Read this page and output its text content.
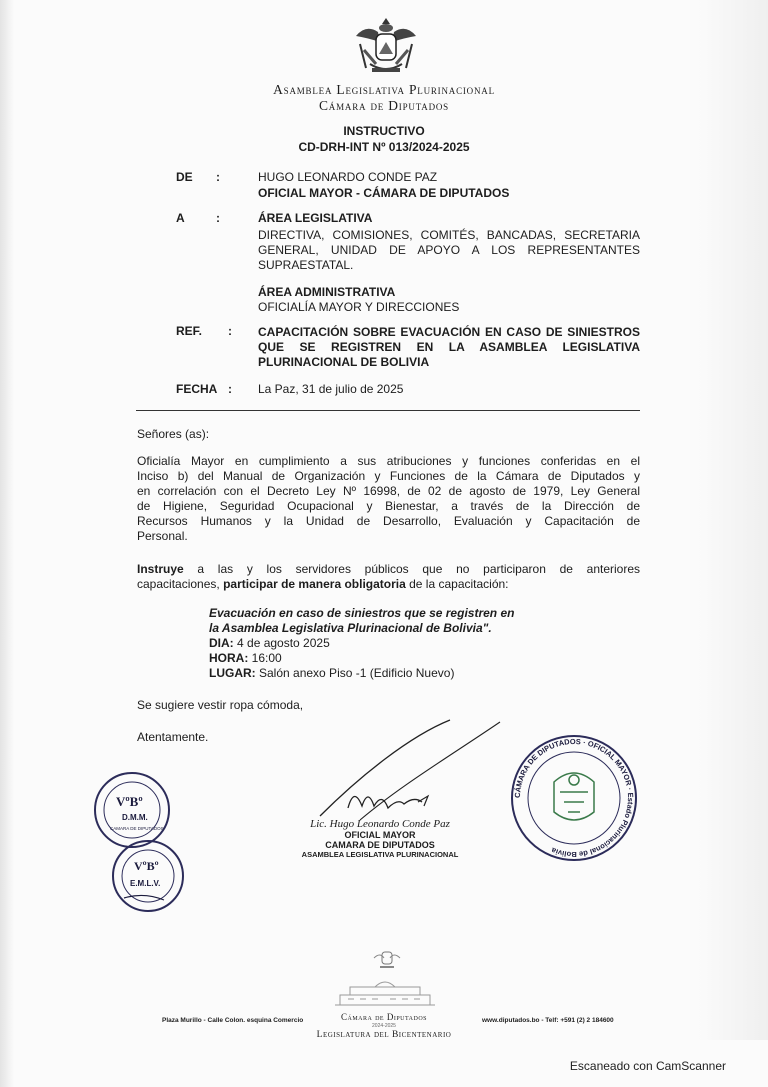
Asamblea Legislativa Plurinacional
Cámara de Diputados
INSTRUCTIVO
CD-DRH-INT Nº 013/2024-2025
DE :	HUGO LEONARDO CONDE PAZ
OFICIAL MAYOR - CÁMARA DE DIPUTADOS
A	:	ÁREA LEGISLATIVA
DIRECTIVA, COMISIONES, COMITÉS, BANCADAS, SECRETARIA
GENERAL, UNIDAD DE APOYO A LOS REPRESENTANTES
SUPRAESTATAL.
ÁREA ADMINISTRATIVA
OFICIALÍA MAYOR Y DIRECCIONES
REF. : CAPACITACIÓN SOBRE EVACUACIÓN EN CASO DE SINIESTROS
QUE SE REGISTREN EN LA ASAMBLEA LEGISLATIVA
PLURINACIONAL DE BOLIVIA
FECHA : La Paz, 31 de julio de 2025
Señores (as):
Oficialía Mayor en cumplimiento a sus atribuciones y funciones conferidas en el
Inciso b) del Manual de Organización y Funciones de la Cámara de Diputados y
en correlación con el Decreto Ley Nº 16998, de 02 de agosto de 1979, Ley General
de Higiene, Seguridad Ocupacional y Bienestar, a través de la Dirección de
Recursos Humanos y la Unidad de Desarrollo, Evaluación y Capacitación de
Personal.
Instruye a las y los servidores públicos que no participaron de anteriores
capacitaciones, participar de manera obligatoria de la capacitación:
Evacuación en caso de siniestros que se registren en
la Asamblea Legislativa Plurinacional de Bolivia".
DIA: 4 de agosto 2025
HORA: 16:00
LUGAR: Salón anexo Piso -1 (Edificio Nuevo)
Se sugiere vestir ropa cómoda,
Atentamente.
Lic. Hugo Leonardo Conde Paz
OFICIAL MAYOR
CAMARA DE DIPUTADOS
ASAMBLEA LEGISLATIVA PLURINACIONAL
VºBº
D.M.M.
CAMARA DE DIPUTADOS
VºBº
E.M.L.V.
CÁMARA DE DIPUTADOS · OFICIAL MAYOR · Estado Plurinacional de Bolivia
Plaza Murillo - Calle Colon. esquina Comercio	www.diputados.bo - Telf: +591 (2) 2 184600
Cámara de Diputados
2024-2025
Legislatura del Bicentenario
Escaneado con CamScanner
